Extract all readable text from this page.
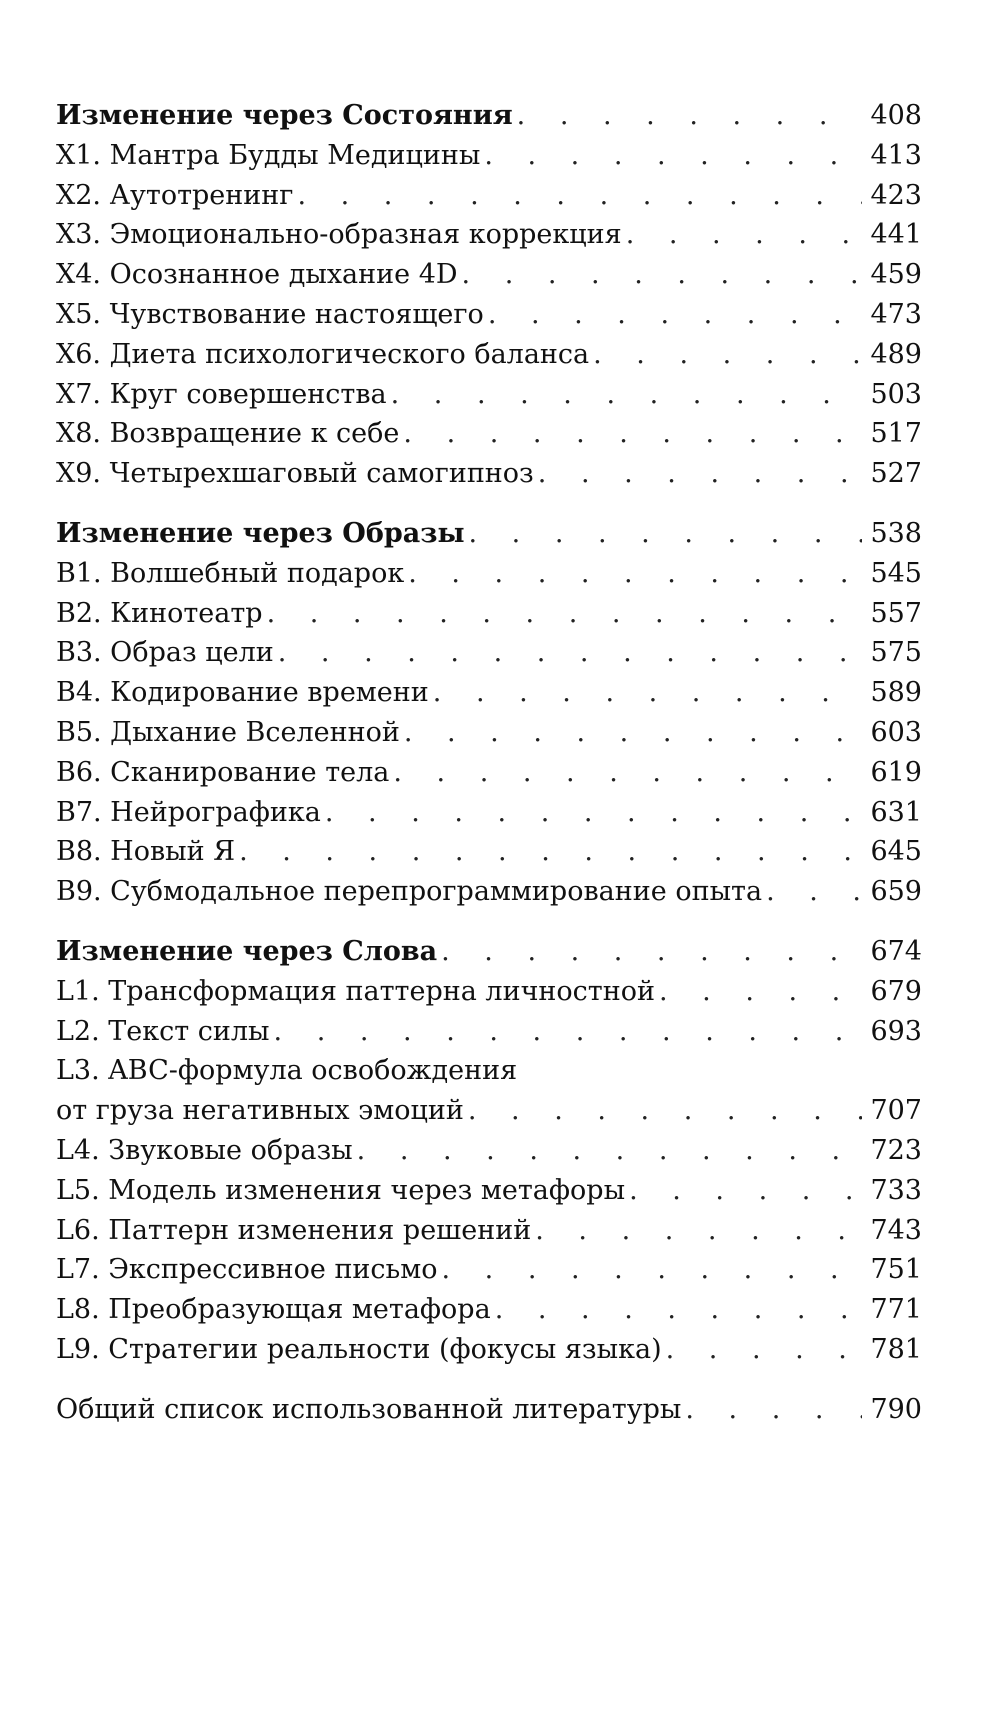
Изменение через Состояния . . .	408
X1. Мантра Будды Медицины . . .	413
X2. Аутотренинг . . .	423
X3. Эмоционально-образная коррекция . . .	441
X4. Осознанное дыхание 4D . . .	459
X5. Чувствование настоящего . . .	473
X6. Диета психологического баланса . . .	489
X7. Круг совершенства . . .	503
X8. Возвращение к себе . . .	517
X9. Четырехшаговый самогипноз . . .	527
Изменение через Образы . . .	538
B1. Волшебный подарок . . .	545
B2. Кинотеатр . . .	557
B3. Образ цели . . .	575
B4. Кодирование времени . . .	589
B5. Дыхание Вселенной . . .	603
B6. Сканирование тела . . .	619
B7. Нейрографика . . .	631
B8. Новый Я . . .	645
B9. Субмодальное перепрограммирование опыта . . .	659
Изменение через Слова . . .	674
L1. Трансформация паттерна личностной . . .	679
L2. Текст силы . . .	693
L3. ABC-формула освобождения
от груза негативных эмоций . . .	707
L4. Звуковые образы . . .	723
L5. Модель изменения через метафоры . . .	733
L6. Паттерн изменения решений . . .	743
L7. Экспрессивное письмо . . .	751
L8. Преобразующая метафора . . .	771
L9. Стратегии реальности (фокусы языка) . . .	781
Общий список использованной литературы . . .	790
